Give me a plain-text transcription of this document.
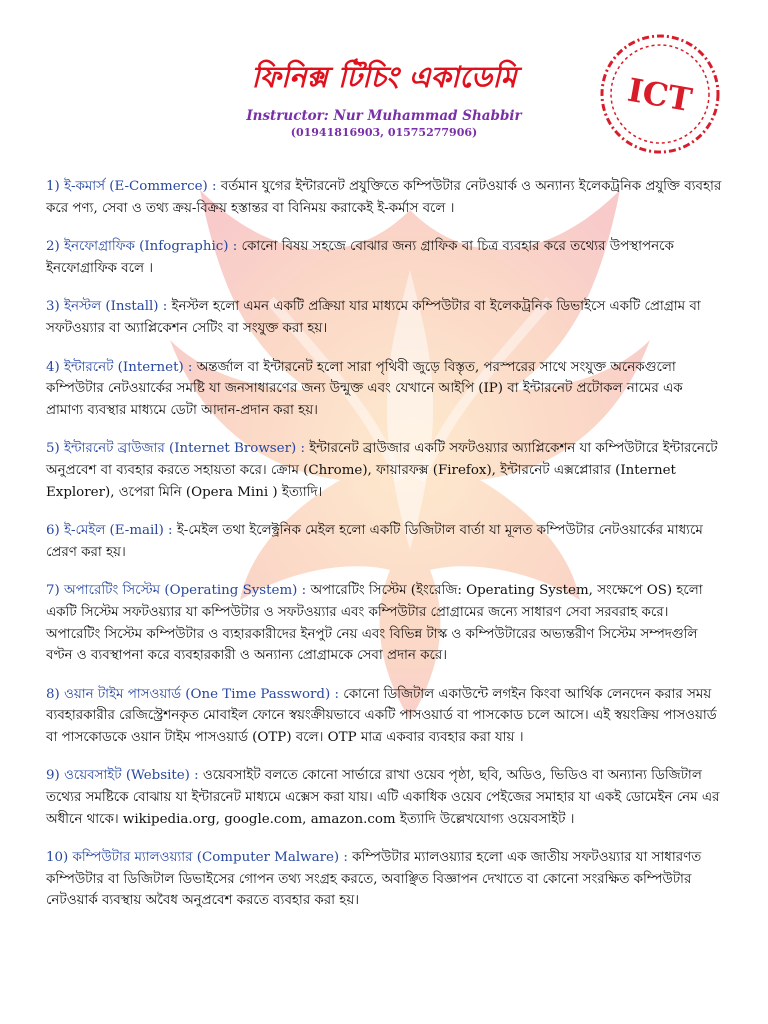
ICT
ফিনিক্স টিচিং একাডেমি
Instructor: Nur Muhammad Shabbir
(01941816903, 01575277906)

1) ই-কমার্স (E-Commerce) : বর্তমান যুগের ইন্টারনেট প্রযুক্তিতে কম্পিউটার নেটওয়ার্ক ও অন্যান্য ইলেকট্রনিক প্রযুক্তি ব্যবহার করে পণ্য, সেবা ও তথ্য ক্রয়-বিক্রয় হস্তান্তর বা বিনিময় করাকেই ই-কর্মাস বলে ।

2) ইনফোগ্রাফিক (Infographic) : কোনো বিষয় সহজে বোঝার জন্য গ্রাফিক বা চিত্র ব্যবহার করে তথ্যের উপস্থাপনকে ইনফোগ্রাফিক বলে ।

3) ইনস্টল (Install) : ইনস্টল হলো এমন একটি প্রক্রিয়া যার মাধ্যমে কম্পিউটার বা ইলেকট্রনিক ডিভাইসে একটি প্রোগ্রাম বা সফটওয়্যার বা অ্যাপ্লিকেশন সেটিং বা সংযুক্ত করা হয়।

4) ইন্টারনেট (Internet) : অন্তর্জাল বা ইন্টারনেট হলো সারা পৃথিবী জুড়ে বিস্তৃত, পরস্পরের সাথে সংযুক্ত অনেকগুলো কম্পিউটার নেটওয়ার্কের সমষ্টি যা জনসাধারণের জন্য উন্মুক্ত এবং যেখানে আইপি (IP) বা ইন্টারনেট প্রটোকল নামের এক প্রামাণ্য ব্যবস্থার মাধ্যমে ডেটা আদান-প্রদান করা হয়।

5) ইন্টারনেট ব্রাউজার (Internet Browser) : ইন্টারনেট ব্রাউজার একটি সফটওয়্যার অ্যাপ্লিকেশন যা কম্পিউটারে ইন্টারনেটে অনুপ্রবেশ বা ব্যবহার করতে সহায়তা করে। ক্রোম (Chrome), ফায়ারফক্স (Firefox), ইন্টারনেট এক্সপ্লোরার (Internet Explorer), ওপেরা মিনি (Opera Mini ) ইত্যাদি।

6) ই-মেইল (E-mail) : ই-মেইল তথা ইলেক্ট্রনিক মেইল হলো একটি ডিজিটাল বার্তা যা মূলত কম্পিউটার নেটওয়ার্কের মাধ্যমে প্রেরণ করা হয়।

7) অপারেটিং সিস্টেম (Operating System) : অপারেটিং সিস্টেম (ইংরেজি: Operating System, সংক্ষেপে OS) হলো একটি সিস্টেম সফটওয়্যার যা কম্পিউটার ও সফটওয়্যার এবং কম্পিউটার প্রোগ্রামের জন্যে সাধারণ সেবা সরবরাহ করে। অপারেটিং সিস্টেম কম্পিউটার ও ব্যহারকারীদের ইনপুট নেয় এবং বিভিন্ন টাস্ক ও কম্পিউটারের অভ্যন্তরীণ সিস্টেম সম্পদগুলি বণ্টন ও ব্যবস্থাপনা করে ব্যবহারকারী ও অন্যান্য প্রোগ্রামকে সেবা প্রদান করে।

8) ওয়ান টাইম পাসওয়ার্ড (One Time Password) : কোনো ডিজিটাল একাউন্টে লগইন কিংবা আর্থিক লেনদেন করার সময় ব্যবহারকারীর রেজিস্ট্রেশনকৃত মোবাইল ফোনে স্বয়ংক্রীয়ভাবে একটি পাসওয়ার্ড বা পাসকোড চলে আসে। এই স্বয়ংক্রিয় পাসওয়ার্ড বা পাসকোডকে ওয়ান টাইম পাসওয়ার্ড (OTP) বলে। OTP মাত্র একবার ব্যবহার করা যায় ।

9) ওয়েবসাইট (Website) : ওয়েবসাইট বলতে কোনো সার্ভারে রাখা ওয়েব পৃষ্ঠা, ছবি, অডিও, ভিডিও বা অন্যান্য ডিজিটাল তথ্যের সমষ্টিকে বোঝায় যা ইন্টারনেট মাধ্যমে এক্সেস করা যায়। এটি একাধিক ওয়েব পেইজের সমাহার যা একই ডোমেইন নেম এর অধীনে থাকে। wikipedia.org, google.com, amazon.com ইত্যাদি উল্লেখযোগ্য ওয়েবসাইট ।

10) কম্পিউটার ম্যালওয়্যার (Computer Malware) : কম্পিউটার ম্যালওয়্যার হলো এক জাতীয় সফটওয়্যার যা সাধারণত কম্পিউটার বা ডিজিটাল ডিভাইসের গোপন তথ্য সংগ্রহ করতে, অবাঞ্ছিত বিজ্ঞাপন দেখাতে বা কোনো সংরক্ষিত কম্পিউটার নেটওয়ার্ক ব্যবস্থায় অবৈধ অনুপ্রবেশ করতে ব্যবহার করা হয়।
